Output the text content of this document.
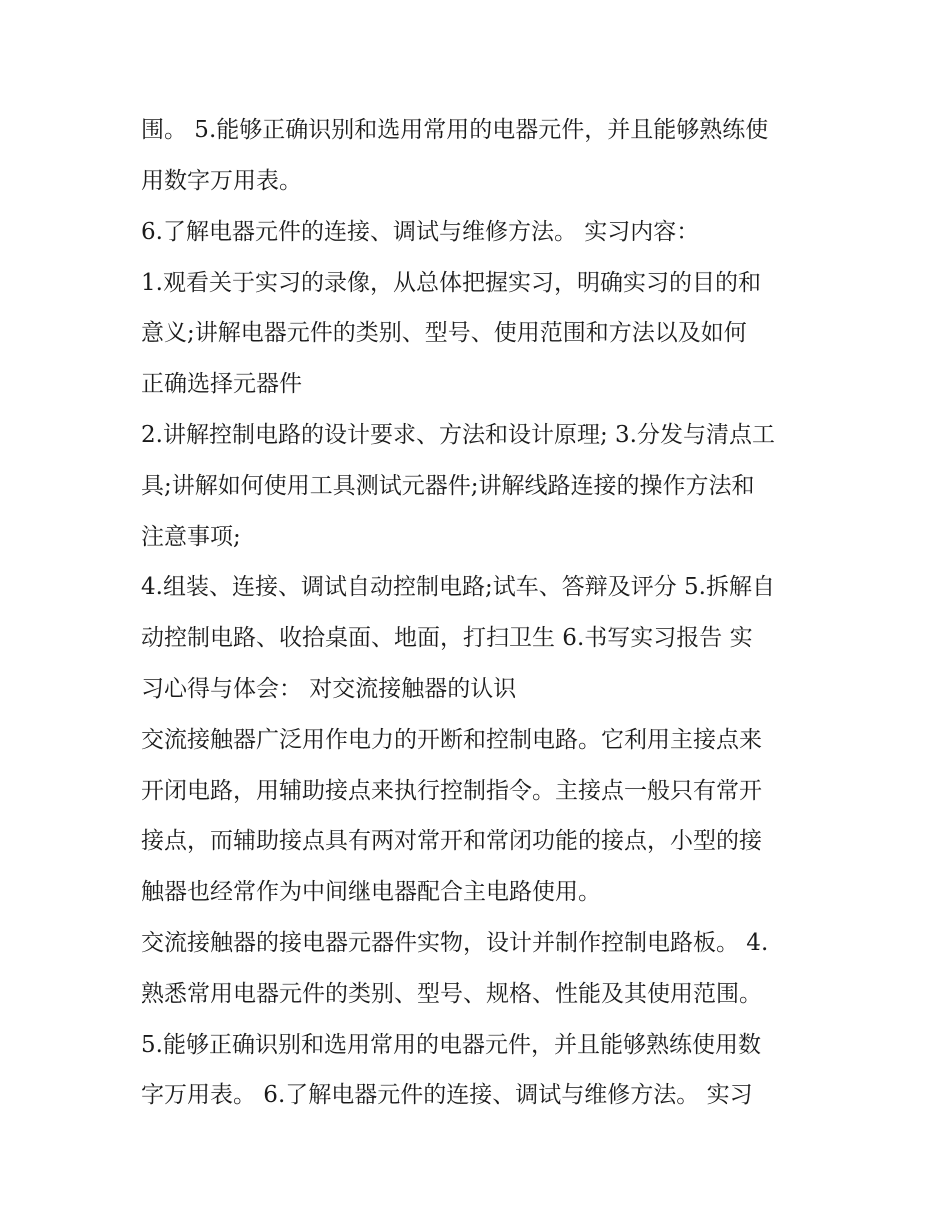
围。 5.能够正确识别和选用常用的电器元件，并且能够熟练使
用数字万用表。
6.了解电器元件的连接、调试与维修方法。 实习内容：
1.观看关于实习的录像，从总体把握实习，明确实习的目的和
意义;讲解电器元件的类别、型号、使用范围和方法以及如何
正确选择元器件
2.讲解控制电路的设计要求、方法和设计原理; 3.分发与清点工
具;讲解如何使用工具测试元器件;讲解线路连接的操作方法和
注意事项;
4.组装、连接、调试自动控制电路;试车、答辩及评分 5.拆解自
动控制电路、收拾桌面、地面，打扫卫生 6.书写实习报告 实
习心得与体会： 对交流接触器的认识
交流接触器广泛用作电力的开断和控制电路。它利用主接点来
开闭电路，用辅助接点来执行控制指令。主接点一般只有常开
接点，而辅助接点具有两对常开和常闭功能的接点，小型的接
触器也经常作为中间继电器配合主电路使用。
交流接触器的接电器元器件实物，设计并制作控制电路板。 4.
熟悉常用电器元件的类别、型号、规格、性能及其使用范围。
5.能够正确识别和选用常用的电器元件，并且能够熟练使用数
字万用表。 6.了解电器元件的连接、调试与维修方法。 实习
